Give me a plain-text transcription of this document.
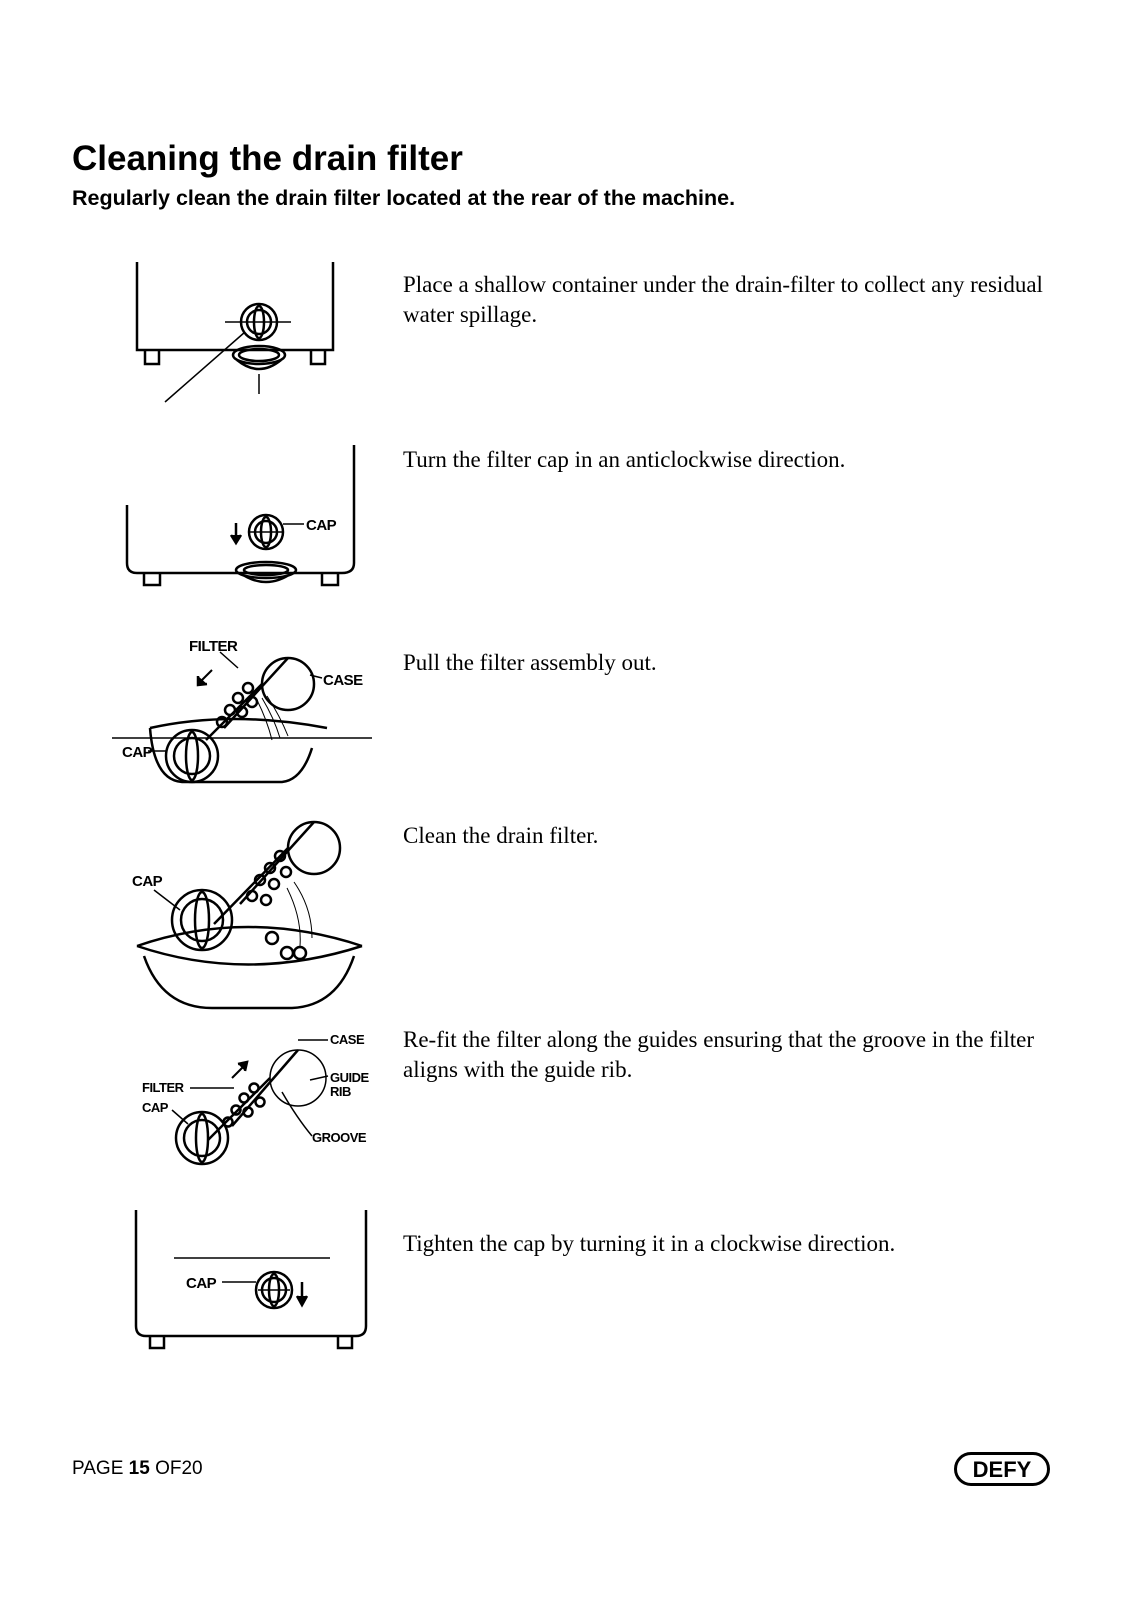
Cleaning the drain filter

Regularly clean the drain filter located at the rear of the machine.

Place a shallow container under the drain-filter to collect any residual water spillage.

CAP

Turn the filter cap in an anticlockwise direction.

FILTER
CASE
CAP

Pull the filter assembly out.

CAP

Clean the drain filter.

CASE
GUIDE
RIB
FILTER
CAP
GROOVE

Re-fit the filter along the guides ensuring that the groove in the filter aligns with the guide rib.

CAP

Tighten the cap by turning it in a clockwise direction.

PAGE 15 OF20	DEFY
